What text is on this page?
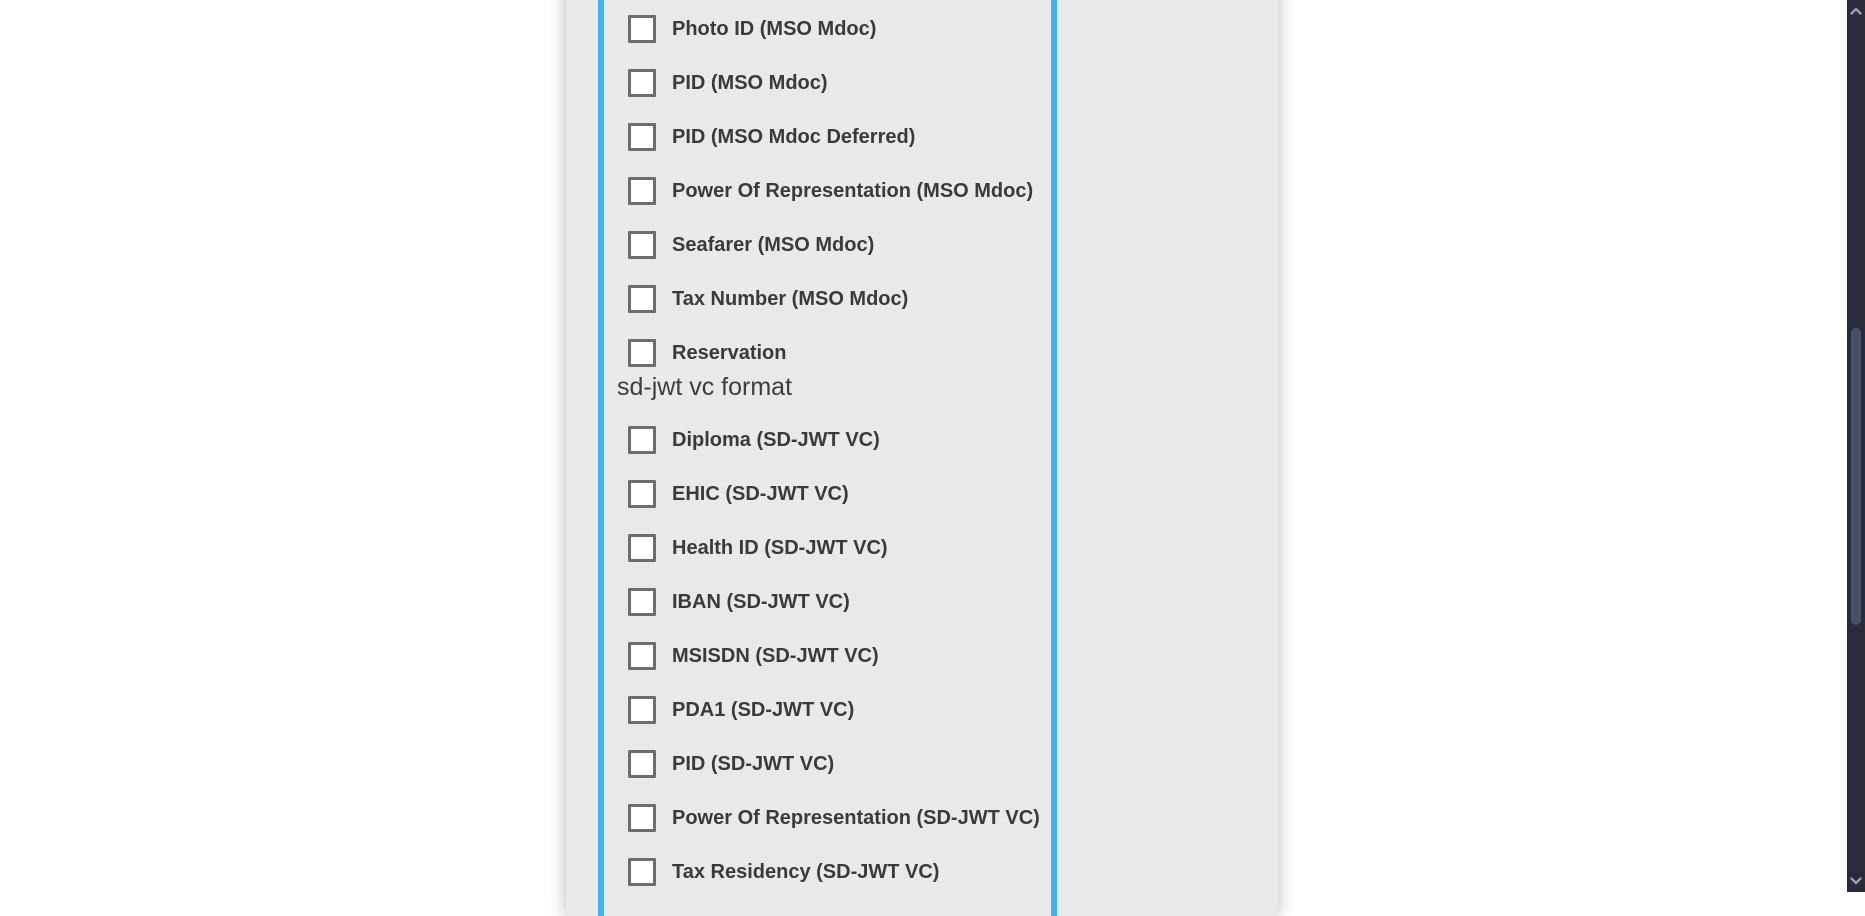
Photo ID (MSO Mdoc)
PID (MSO Mdoc)
PID (MSO Mdoc Deferred)
Power Of Representation (MSO Mdoc)
Seafarer (MSO Mdoc)
Tax Number (MSO Mdoc)
Reservation
sd-jwt vc format
Diploma (SD-JWT VC)
EHIC (SD-JWT VC)
Health ID (SD-JWT VC)
IBAN (SD-JWT VC)
MSISDN (SD-JWT VC)
PDA1 (SD-JWT VC)
PID (SD-JWT VC)
Power Of Representation (SD-JWT VC)
Tax Residency (SD-JWT VC)
